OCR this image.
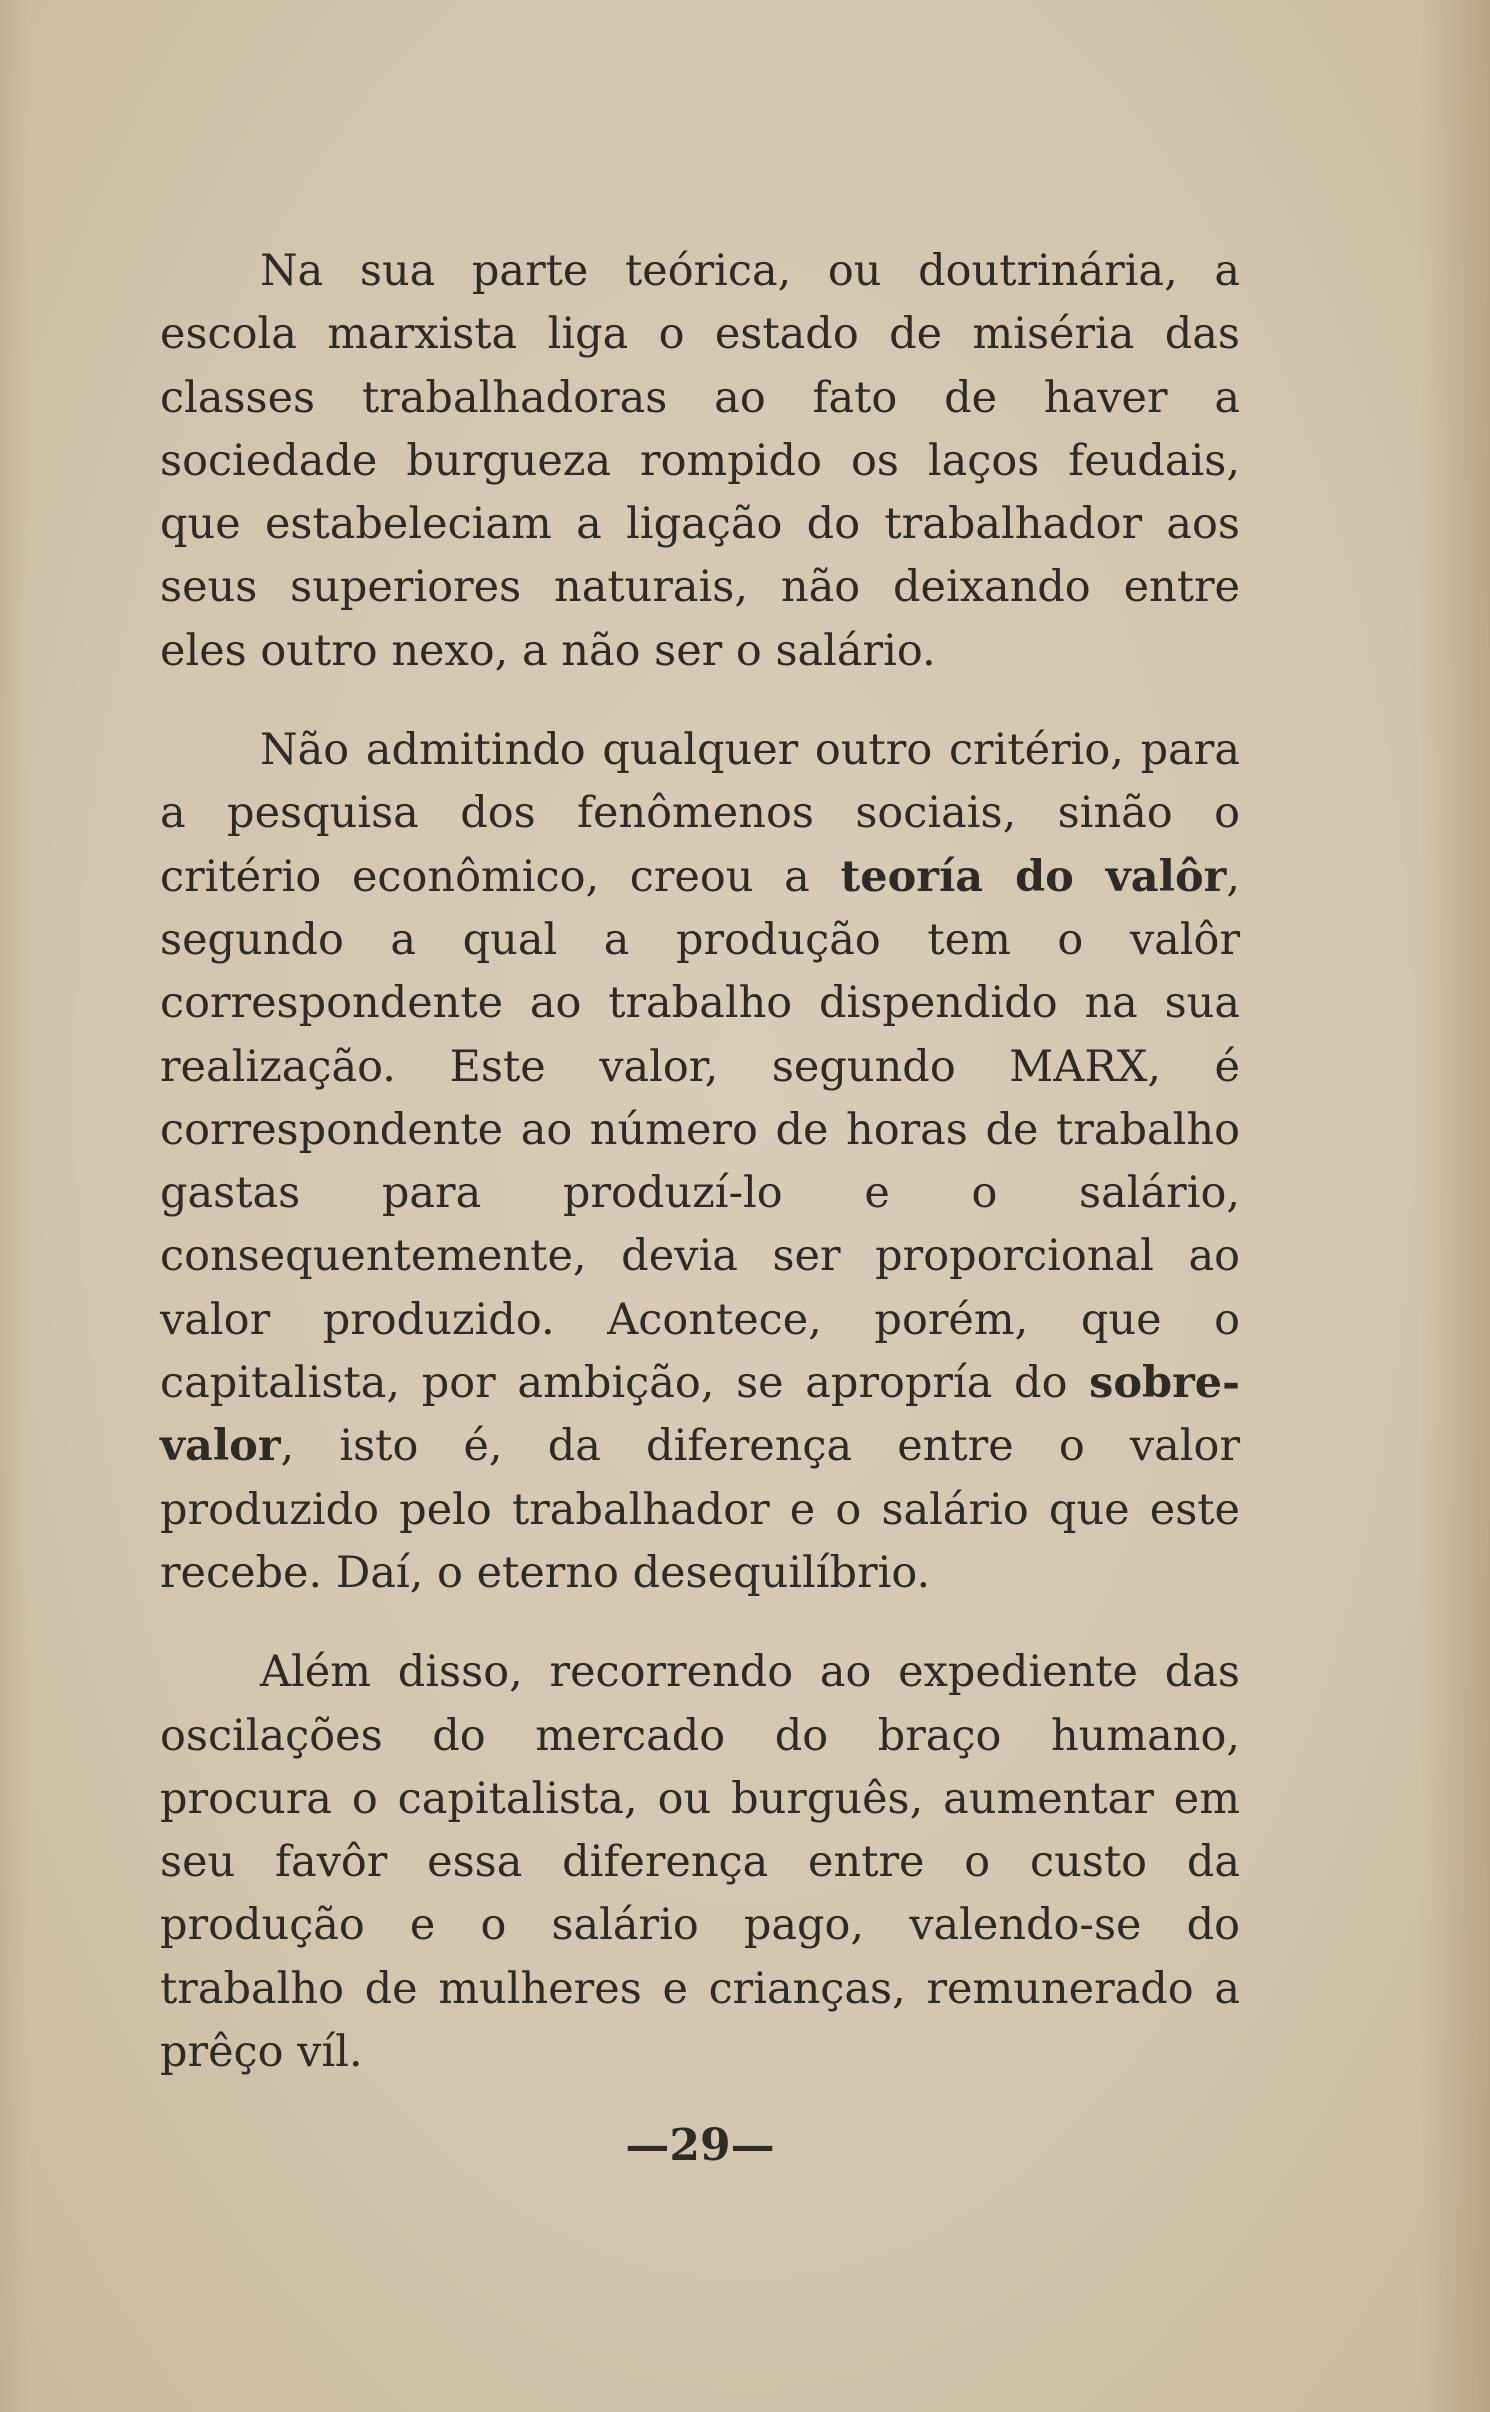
Na sua parte teórica, ou doutrinária, a escola marxista liga o estado de miséria das classes trabalhadoras ao fato de haver a sociedade burgueza rompido os laços feudais, que estabeleciam a ligação do trabalhador aos seus superiores naturais, não deixando entre eles outro nexo, a não ser o salário.

Não admitindo qualquer outro critério, para a pesquisa dos fenômenos sociais, sinão o critério econômico, creou a teoría do valôr, segundo a qual a produção tem o valôr correspondente ao trabalho dispendido na sua realização. Este valor, segundo MARX, é correspondente ao número de horas de trabalho gastas para produzí-lo e o salário, consequentemente, devia ser proporcional ao valor produzido. Acontece, porém, que o capitalista, por ambição, se apropría do sobre-valor, isto é, da diferença entre o valor produzido pelo trabalhador e o salário que este recebe. Daí, o eterno desequilíbrio.

Além disso, recorrendo ao expediente das oscilações do mercado do braço humano, procura o capitalista, ou burguês, aumentar em seu favôr essa diferença entre o custo da produção e o salário pago, valendo-se do trabalho de mulheres e crianças, remunerado a prêço víl.

—29—
